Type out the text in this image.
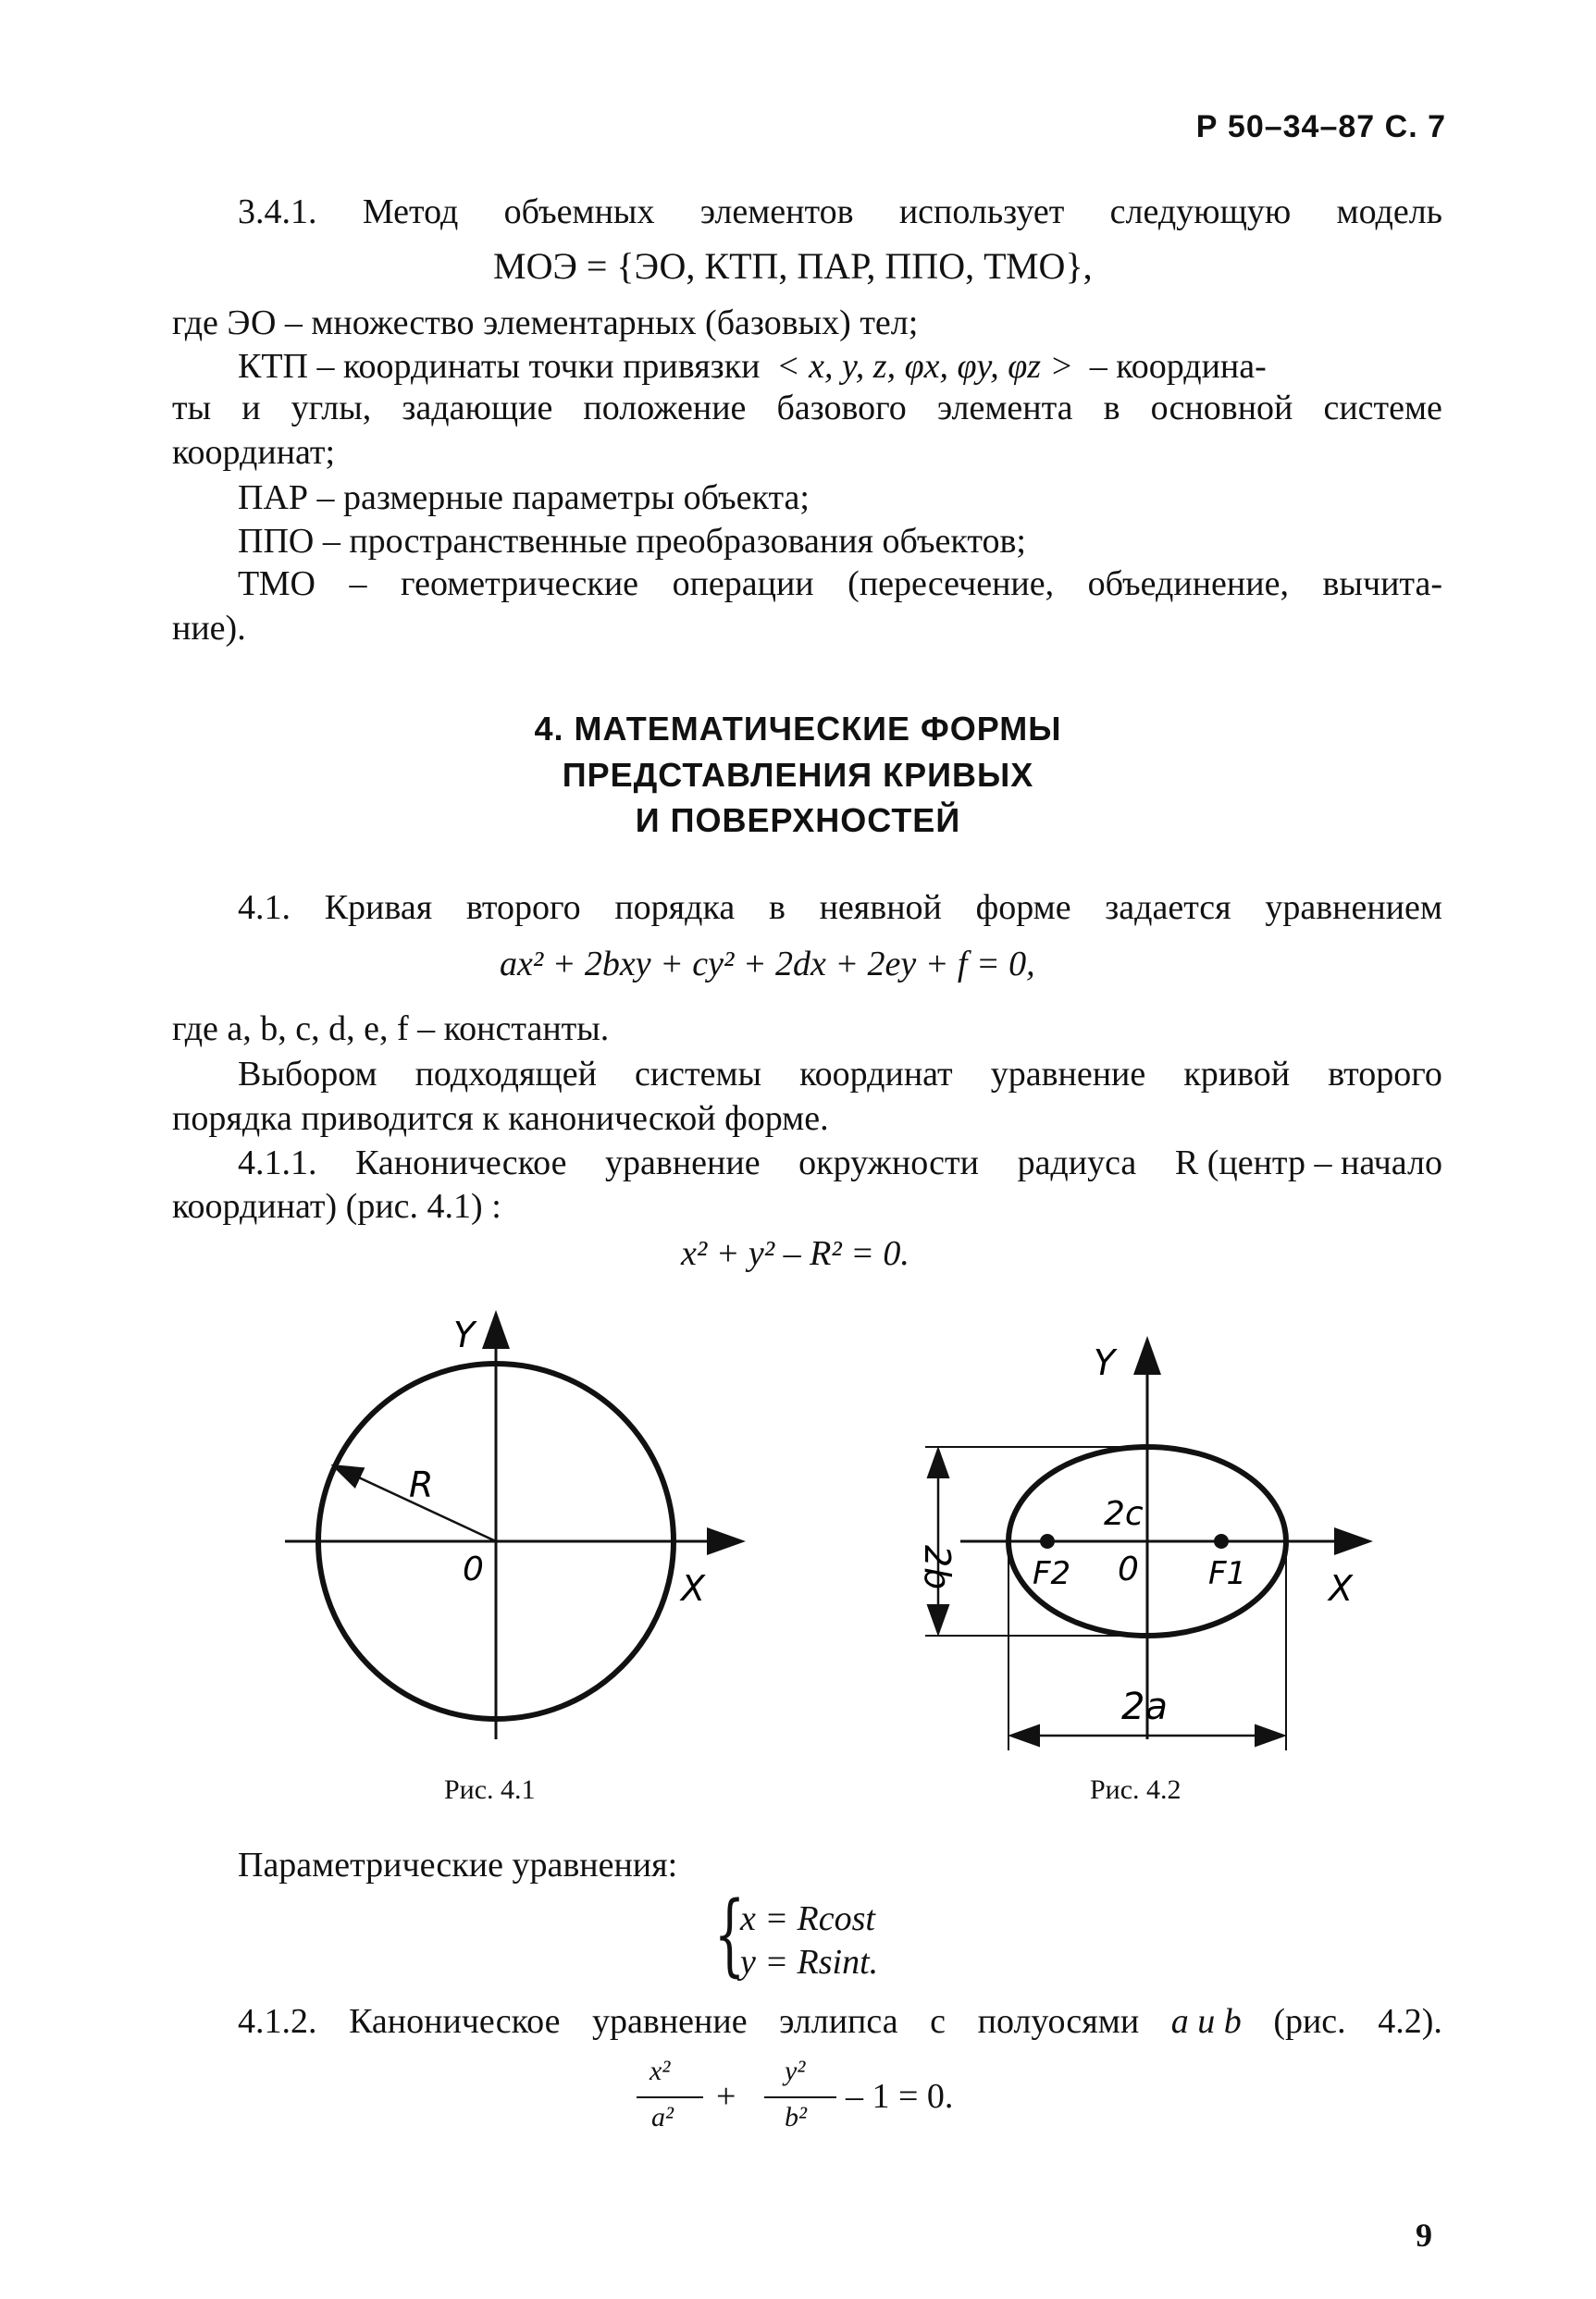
Р 50–34–87 С. 7
3.4.1. Метод объемных элементов использует следующую модель
МОЭ = {ЭО, КТП, ПАР, ППО, ТМО},
где ЭО – множество элементарных (базовых) тел;
КТП – координаты точки привязки < x, y, z, φx, φy, φz > – координа-
ты и углы, задающие положение базового элемента в основной системе
координат;
ПАР – размерные параметры объекта;
ППО – пространственные преобразования объектов;
ТМО – геометрические операции (пересечение, объединение, вычита-
ние).
4. МАТЕМАТИЧЕСКИЕ ФОРМЫ
ПРЕДСТАВЛЕНИЯ КРИВЫХ
И ПОВЕРХНОСТЕЙ
4.1. Кривая второго порядка в неявной форме задается уравнением
ax² + 2bxy + cy² + 2dx + 2ey + f = 0,
где a, b, c, d, e, f – константы.
Выбором подходящей системы координат уравнение кривой второго
порядка приводится к канонической форме.
4.1.1. Каноническое уравнение окружности радиуса R (центр – начало
координат) (рис. 4.1) :
x² + y² – R² = 0.
Y
X
0
R
Рис. 4.1
Y
X
0
F2	F1
2c
2a
2b
Рис. 4.2
Параметрические уравнения:
{
x = Rcost
y = Rsint.
4.1.2. Каноническое уравнение эллипса с полуосями a и b (рис. 4.2).
x²
a²
+
y²
b²
– 1 = 0.
9
